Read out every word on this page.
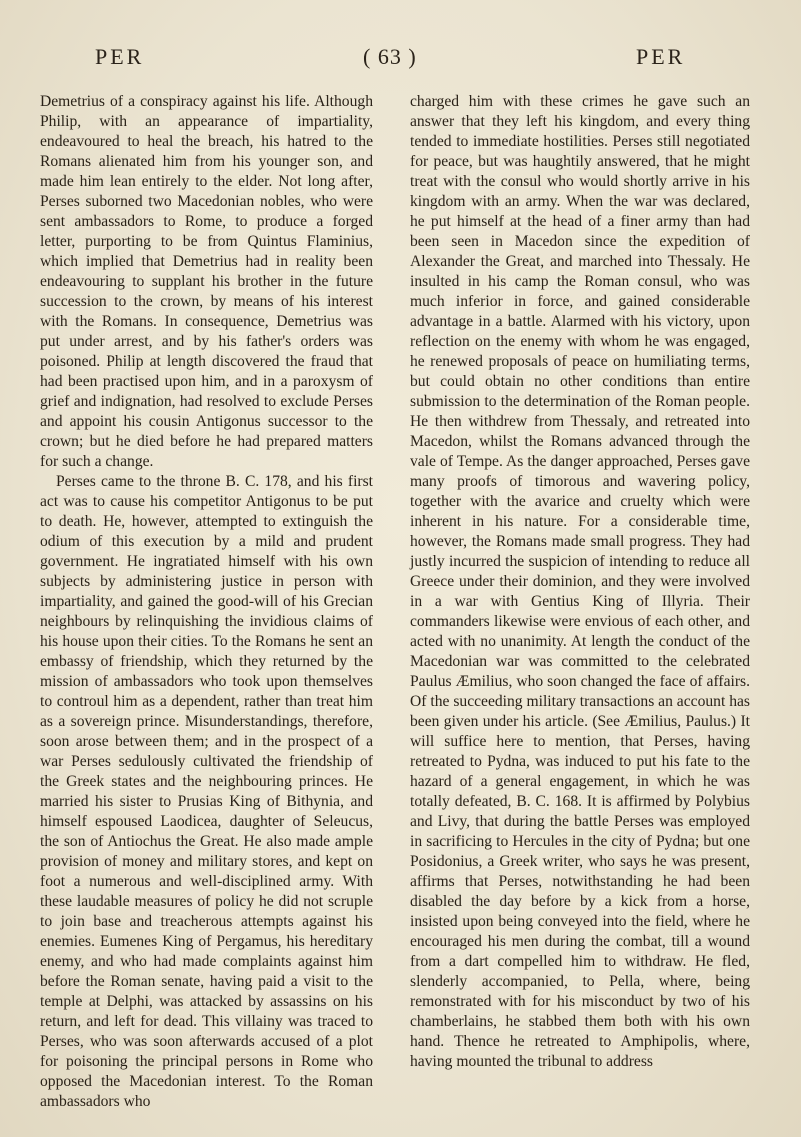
PER	( 63 )	PER

Demetrius of a conspiracy against his life. Although Philip, with an appearance of impartiality, endeavoured to heal the breach, his hatred to the Romans alienated him from his younger son, and made him lean entirely to the elder. Not long after, Perses suborned two Macedonian nobles, who were sent ambassadors to Rome, to produce a forged letter, purporting to be from Quintus Flaminius, which implied that Demetrius had in reality been endeavouring to supplant his brother in the future succession to the crown, by means of his interest with the Romans. In consequence, Demetrius was put under arrest, and by his father's orders was poisoned. Philip at length discovered the fraud that had been practised upon him, and in a paroxysm of grief and indignation, had resolved to exclude Perses and appoint his cousin Antigonus successor to the crown; but he died before he had prepared matters for such a change.

Perses came to the throne B. C. 178, and his first act was to cause his competitor Antigonus to be put to death. He, however, attempted to extinguish the odium of this execution by a mild and prudent government. He ingratiated himself with his own subjects by administering justice in person with impartiality, and gained the good-will of his Grecian neighbours by relinquishing the invidious claims of his house upon their cities. To the Romans he sent an embassy of friendship, which they returned by the mission of ambassadors who took upon themselves to controul him as a dependent, rather than treat him as a sovereign prince. Misunderstandings, therefore, soon arose between them; and in the prospect of a war Perses sedulously cultivated the friendship of the Greek states and the neighbouring princes. He married his sister to Prusias King of Bithynia, and himself espoused Laodicea, daughter of Seleucus, the son of Antiochus the Great. He also made ample provision of money and military stores, and kept on foot a numerous and well-disciplined army. With these laudable measures of policy he did not scruple to join base and treacherous attempts against his enemies. Eumenes King of Pergamus, his hereditary enemy, and who had made complaints against him before the Roman senate, having paid a visit to the temple at Delphi, was attacked by assassins on his return, and left for dead. This villainy was traced to Perses, who was soon afterwards accused of a plot for poisoning the principal persons in Rome who opposed the Macedonian interest. To the Roman ambassadors who

charged him with these crimes he gave such an answer that they left his kingdom, and every thing tended to immediate hostilities. Perses still negotiated for peace, but was haughtily answered, that he might treat with the consul who would shortly arrive in his kingdom with an army. When the war was declared, he put himself at the head of a finer army than had been seen in Macedon since the expedition of Alexander the Great, and marched into Thessaly. He insulted in his camp the Roman consul, who was much inferior in force, and gained considerable advantage in a battle. Alarmed with his victory, upon reflection on the enemy with whom he was engaged, he renewed proposals of peace on humiliating terms, but could obtain no other conditions than entire submission to the determination of the Roman people. He then withdrew from Thessaly, and retreated into Macedon, whilst the Romans advanced through the vale of Tempe. As the danger approached, Perses gave many proofs of timorous and wavering policy, together with the avarice and cruelty which were inherent in his nature. For a considerable time, however, the Romans made small progress. They had justly incurred the suspicion of intending to reduce all Greece under their dominion, and they were involved in a war with Gentius King of Illyria. Their commanders likewise were envious of each other, and acted with no unanimity. At length the conduct of the Macedonian war was committed to the celebrated Paulus Æmilius, who soon changed the face of affairs. Of the succeeding military transactions an account has been given under his article. (See Æmilius, Paulus.) It will suffice here to mention, that Perses, having retreated to Pydna, was induced to put his fate to the hazard of a general engagement, in which he was totally defeated, B. C. 168. It is affirmed by Polybius and Livy, that during the battle Perses was employed in sacrificing to Hercules in the city of Pydna; but one Posidonius, a Greek writer, who says he was present, affirms that Perses, notwithstanding he had been disabled the day before by a kick from a horse, insisted upon being conveyed into the field, where he encouraged his men during the combat, till a wound from a dart compelled him to withdraw. He fled, slenderly accompanied, to Pella, where, being remonstrated with for his misconduct by two of his chamberlains, he stabbed them both with his own hand. Thence he retreated to Amphipolis, where, having mounted the tribunal to address
